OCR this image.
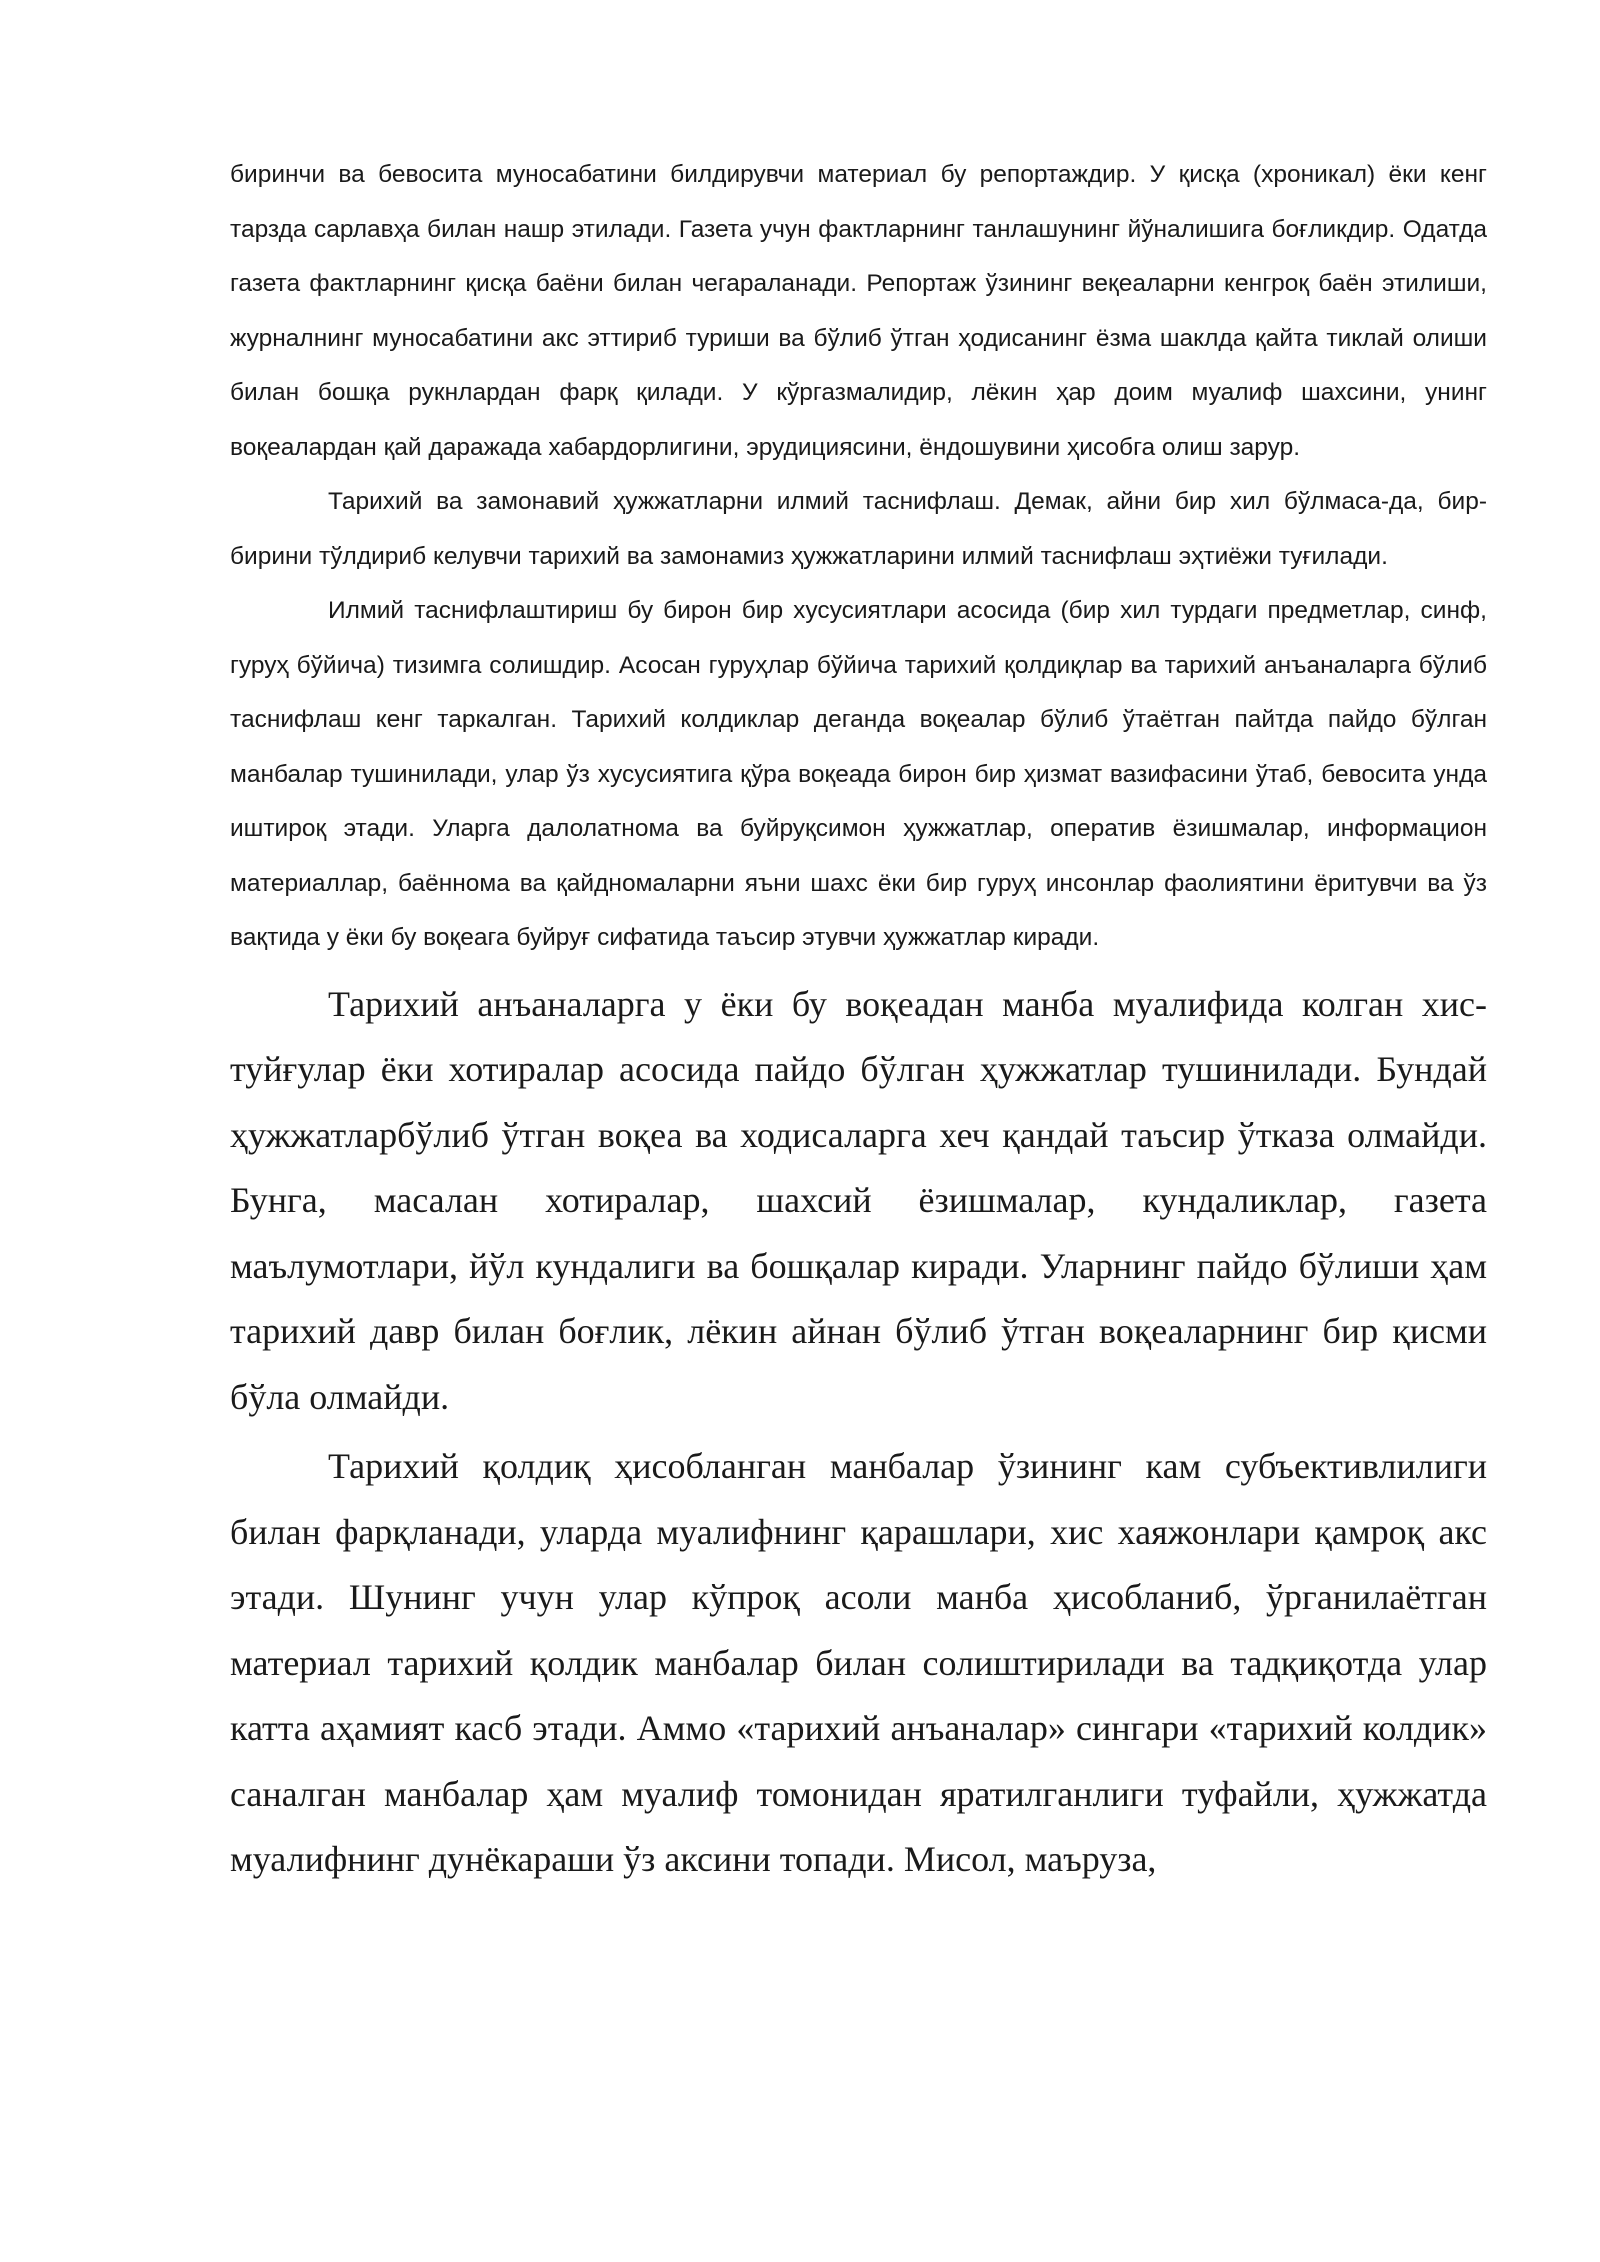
биринчи ва бевосита муносабатини билдирувчи материал бу репортаждир. У қисқа (хроникал) ёки кенг тарзда сарлавҳа билан нашр этилади. Газета учун фактларнинг танлашунинг йўналишига боғликдир. Одатда газета фактларнинг қисқа баёни билан чегараланади. Репортаж ўзининг веқеаларни кенгроқ баён этилиши, журналнинг муносабатини акс эттириб туриши ва бўлиб ўтган ҳодисанинг ёзма шаклда қайта тиклай олиши билан бошқа рукнлардан фарқ қилади. У кўргазмалидир, лёкин ҳар доим муалиф шахсини, унинг воқеалардан қай даражада хабардорлигини, эрудициясини, ёндошувини ҳисобга олиш зарур.

Тарихий ва замонавий ҳужжатларни илмий таснифлаш. Демак, айни бир хил бўлмаса-да, бир-бирини тўлдириб келувчи тарихий ва замонамиз ҳужжатларини илмий таснифлаш эҳтиёжи туғилади.

Илмий таснифлаштириш бу бирон бир хусусиятлари асосида (бир хил турдаги предметлар, синф, гуруҳ бўйича) тизимга солишдир. Асосан гуруҳлар бўйича тарихий қолдиқлар ва тарихий анъаналарга бўлиб таснифлаш кенг таркалган. Тарихий колдиклар деганда воқеалар бўлиб ўтаётган пайтда пайдо бўлган манбалар тушинилади, улар ўз хусусиятига қўра воқеада бирон бир ҳизмат вазифасини ўтаб, бевосита унда иштироқ этади. Уларга далолатнома ва буйруқсимон ҳужжатлар, оператив ёзишмалар, информацион материаллар, баённома ва қайдномаларни яъни шахс ёки бир гуруҳ инсонлар фаолиятини ёритувчи ва ўз вақтида у ёки бу воқеага буйруғ сифатида таъсир этувчи ҳужжатлар киради.

Тарихий анъаналарга у ёки бу воқеадан манба муалифида колган хис-туйғулар ёки хотиралар асосида пайдо бўлган ҳужжатлар тушинилади. Бундай ҳужжатларбўлиб ўтган воқеа ва ходисаларга хеч қандай таъсир ўтказа олмайди. Бунга, масалан хотиралар, шахсий ёзишмалар, кундаликлар, газета маълумотлари, йўл кундалиги ва бошқалар киради. Уларнинг пайдо бўлиши ҳам тарихий давр билан боғлик, лёкин айнан бўлиб ўтган воқеаларнинг бир қисми бўла олмайди.

Тарихий қолдиқ ҳисобланган манбалар ўзининг кам субъективлилиги билан фарқланади, уларда муалифнинг қарашлари, хис хаяжонлари қамроқ акс этади. Шунинг учун улар кўпроқ асоли манба ҳисобланиб, ўрганилаётган материал тарихий қолдик манбалар билан солиштирилади ва тадқиқотда улар катта аҳамият касб этади. Аммо «тарихий анъаналар» сингари «тарихий колдик» саналган манбалар ҳам муалиф томонидан яратилганлиги туфайли, ҳужжатда муалифнинг дунёкараши ўз аксини топади. Мисол, маъруза,
